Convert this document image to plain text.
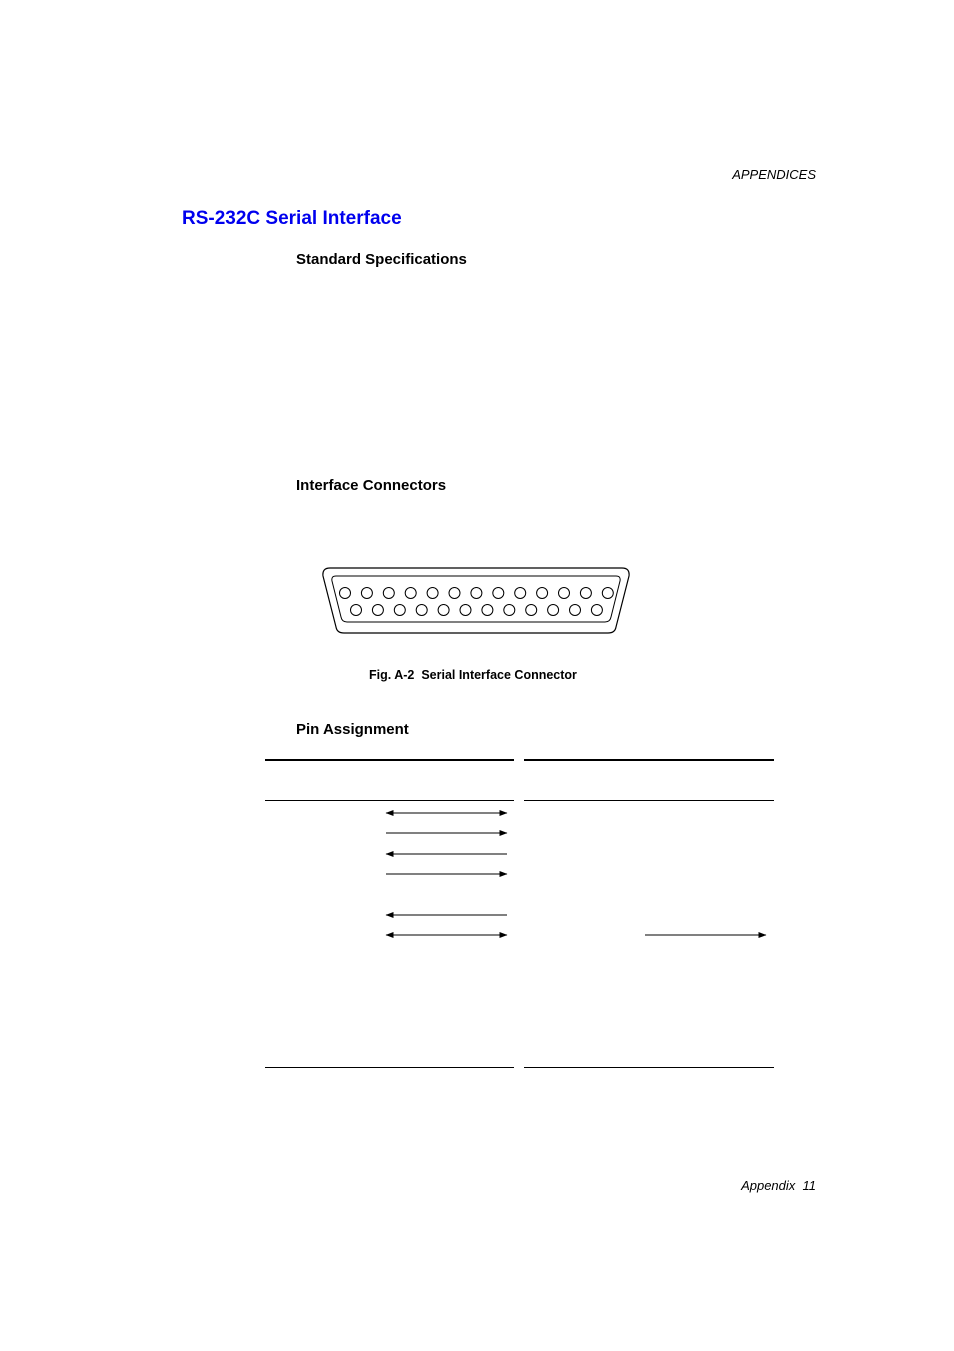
APPENDICES
RS-232C Serial Interface
Standard Specifications
Interface Connectors
Fig. A-2  Serial Interface Connector
Pin Assignment
Appendix  11
